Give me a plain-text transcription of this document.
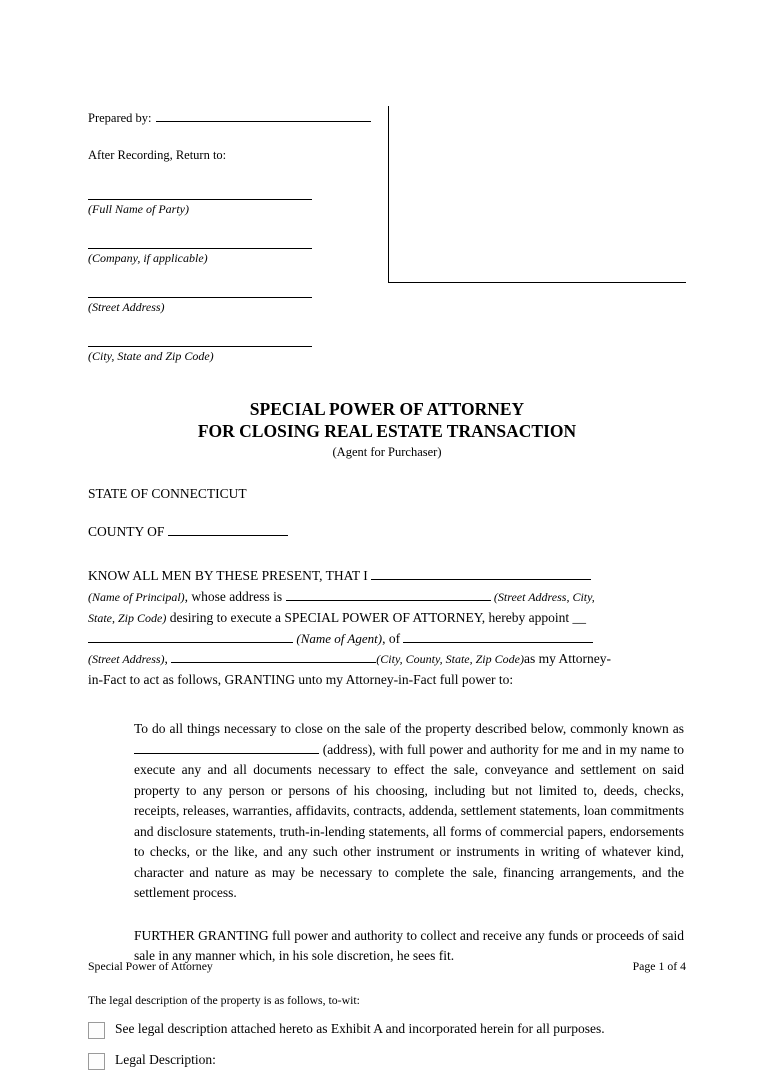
Prepared by:
After Recording, Return to:
(Full Name of Party)
(Company, if applicable)
(Street Address)
(City, State and Zip Code)
SPECIAL POWER OF ATTORNEY
FOR CLOSING REAL ESTATE TRANSACTION
(Agent for Purchaser)
STATE OF CONNECTICUT
COUNTY OF
KNOW ALL MEN BY THESE PRESENT, THAT I
(Name of Principal), whose address is	(Street Address, City,
State, Zip Code) desiring to execute a SPECIAL POWER OF ATTORNEY, hereby appoint __
(Name of Agent), of
(Street Address),	(City, County, State, Zip Code)as my Attorney-
in-Fact to act as follows, GRANTING unto my Attorney-in-Fact full power to:
To do all things necessary to close on the sale of the property described below, commonly known as  (address), with full power and authority for me and in my name to execute any and all documents necessary to effect the sale, conveyance and settlement on said property to any person or persons of his choosing, including but not limited to, deeds, checks, receipts, releases, warranties, affidavits, contracts, addenda, settlement statements, loan commitments and disclosure statements, truth-in-lending statements, all forms of commercial papers, endorsements to checks, or the like, and any such other instrument or instruments in writing of whatever kind, character and nature as may be necessary to complete the sale, financing arrangements, and the settlement process.
FURTHER GRANTING full power and authority to collect and receive any funds or proceeds of said sale in any manner which, in his sole discretion, he sees fit.
The legal description of the property is as follows, to-wit:
See legal description attached hereto as Exhibit A and incorporated herein for all purposes.
Legal Description:
Special Power of Attorney	Page 1 of 4
